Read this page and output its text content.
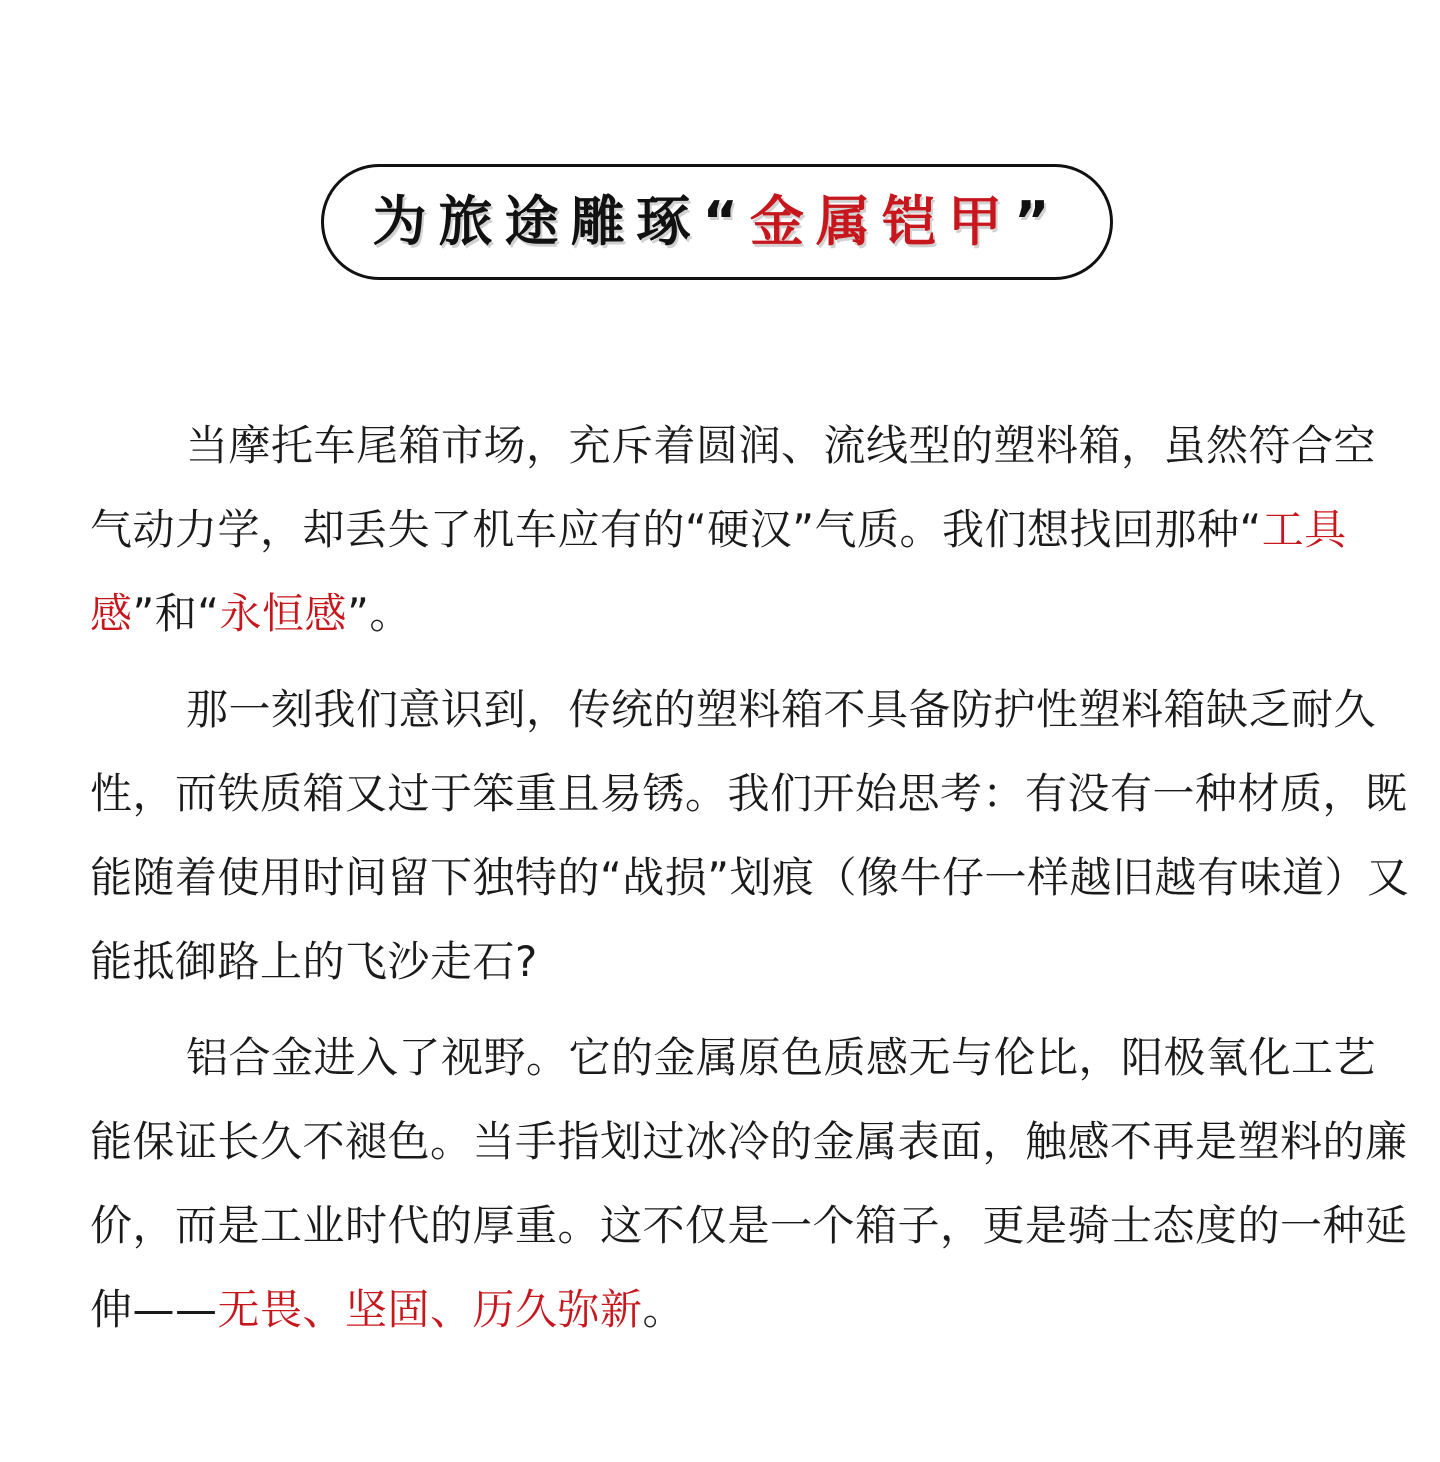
为旅途雕琢“金属铠甲”

当摩托车尾箱市场，充斥着圆润、流线型的塑料箱，虽然符合空气动力学，却丢失了机车应有的“硬汉”气质。我们想找回那种“工具感”和“永恒感”。

那一刻我们意识到，传统的塑料箱不具备防护性塑料箱缺乏耐久性，而铁质箱又过于笨重且易锈。我们开始思考：有没有一种材质，既能随着使用时间留下独特的“战损”划痕（像牛仔一样越旧越有味道）又能抵御路上的飞沙走石?

铝合金进入了视野。它的金属原色质感无与伦比，阳极氧化工艺能保证长久不褪色。当手指划过冰冷的金属表面，触感不再是塑料的廉价，而是工业时代的厚重。这不仅是一个箱子，更是骑士态度的一种延伸——无畏、坚固、历久弥新。
